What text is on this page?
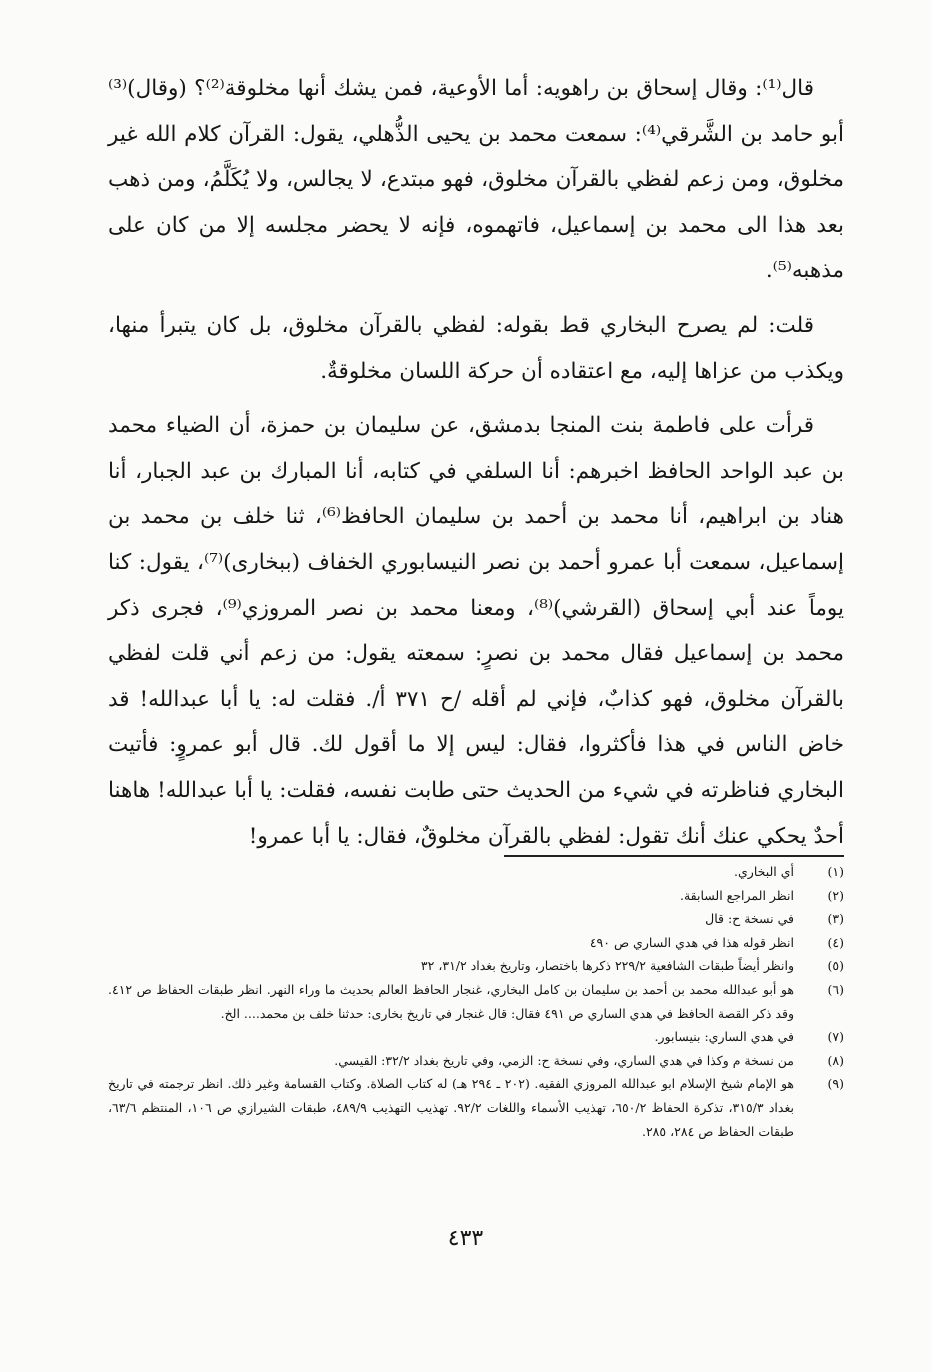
قال⁽¹⁾: وقال إسحاق بن راهويه: أما الأوعية، فمن يشك أنها مخلوقة⁽²⁾؟ (وقال)⁽³⁾ أبو حامد بن الشَّرقي⁽⁴⁾: سمعت محمد بن يحيى الذُّهلي، يقول: القرآن كلام الله غير مخلوق، ومن زعم لفظي بالقرآن مخلوق، فهو مبتدع، لا يجالس، ولا يُكَلَّمُ، ومن ذهب بعد هذا الى محمد بن إسماعيل، فاتهموه، فإنه لا يحضر مجلسه إلا من كان على مذهبه⁽⁵⁾.

قلت: لم يصرح البخاري قط بقوله: لفظي بالقرآن مخلوق، بل كان يتبرأ منها، ويكذب من عزاها إليه، مع اعتقاده أن حركة اللسان مخلوقةٌ.

قرأت على فاطمة بنت المنجا بدمشق، عن سليمان بن حمزة، أن الضياء محمد بن عبد الواحد الحافظ اخبرهم: أنا السلفي في كتابه، أنا المبارك بن عبد الجبار، أنا هناد بن ابراهيم، أنا محمد بن أحمد بن سليمان الحافظ⁽⁶⁾، ثنا خلف بن محمد بن إسماعيل، سمعت أبا عمرو أحمد بن نصر النيسابوري الخفاف (ببخارى)⁽⁷⁾، يقول: كنا يوماً عند أبي إسحاق (القرشي)⁽⁸⁾، ومعنا محمد بن نصر المروزي⁽⁹⁾، فجرى ذكر محمد بن إسماعيل فقال محمد بن نصرٍ: سمعته يقول: من زعم أني قلت لفظي بالقرآن مخلوق، فهو كذابٌ، فإني لم أقله /ح ٣٧١ أ/. فقلت له: يا أبا عبدالله! قد خاض الناس في هذا فأكثروا، فقال: ليس إلا ما أقول لك. قال أبو عمروٍ: فأتيت البخاري فناظرته في شيء من الحديث حتى طابت نفسه، فقلت: يا أبا عبدالله! هاهنا أحدٌ يحكي عنك أنك تقول: لفظي بالقرآن مخلوقٌ، فقال: يا أبا عمرو!

(١)
أي البخاري.
(٢)
انظر المراجع السابقة.
(٣)
في نسخة ح: قال
(٤)
انظر قوله هذا في هدي الساري ص ٤٩٠
(٥)
وانظر أيضاً طبقات الشافعية ٢٢٩/٢ ذكرها باختصار، وتاريخ بغداد ٣١/٢، ٣٢
(٦)
هو أبو عبدالله محمد بن أحمد بن سليمان بن كامل البخاري، غنجار الحافظ العالم بحديث ما وراء النهر. انظر طبقات الحفاظ ص ٤١٢. وقد ذكر القصة الحافظ في هدي الساري ص ٤٩١ فقال: قال غنجار في تاريخ بخارى: حدثنا خلف بن محمد.... الخ.
(٧)
في هدي الساري: بنيسابور.
(٨)
من نسخة م وكذا في هدي الساري، وفي نسخة ح: الزمي، وفي تاريخ بغداد ٣٢/٢: القيسي.
(٩)
هو الإمام شيخ الإسلام ابو عبدالله المروزي الفقيه. (٢٠٢ ـ ٢٩٤ هـ) له كتاب الصلاة. وكتاب القسامة وغير ذلك. انظر ترجمته في تاريخ بغداد ٣١٥/٣، تذكرة الحفاظ ٦٥٠/٢، تهذيب الأسماء واللغات ٩٢/٢. تهذيب التهذيب ٤٨٩/٩، طبقات الشيرازي ص ١٠٦، المنتظم ٦٣/٦، طبقات الحفاظ ص ٢٨٤، ٢٨٥.
٤٣٣
